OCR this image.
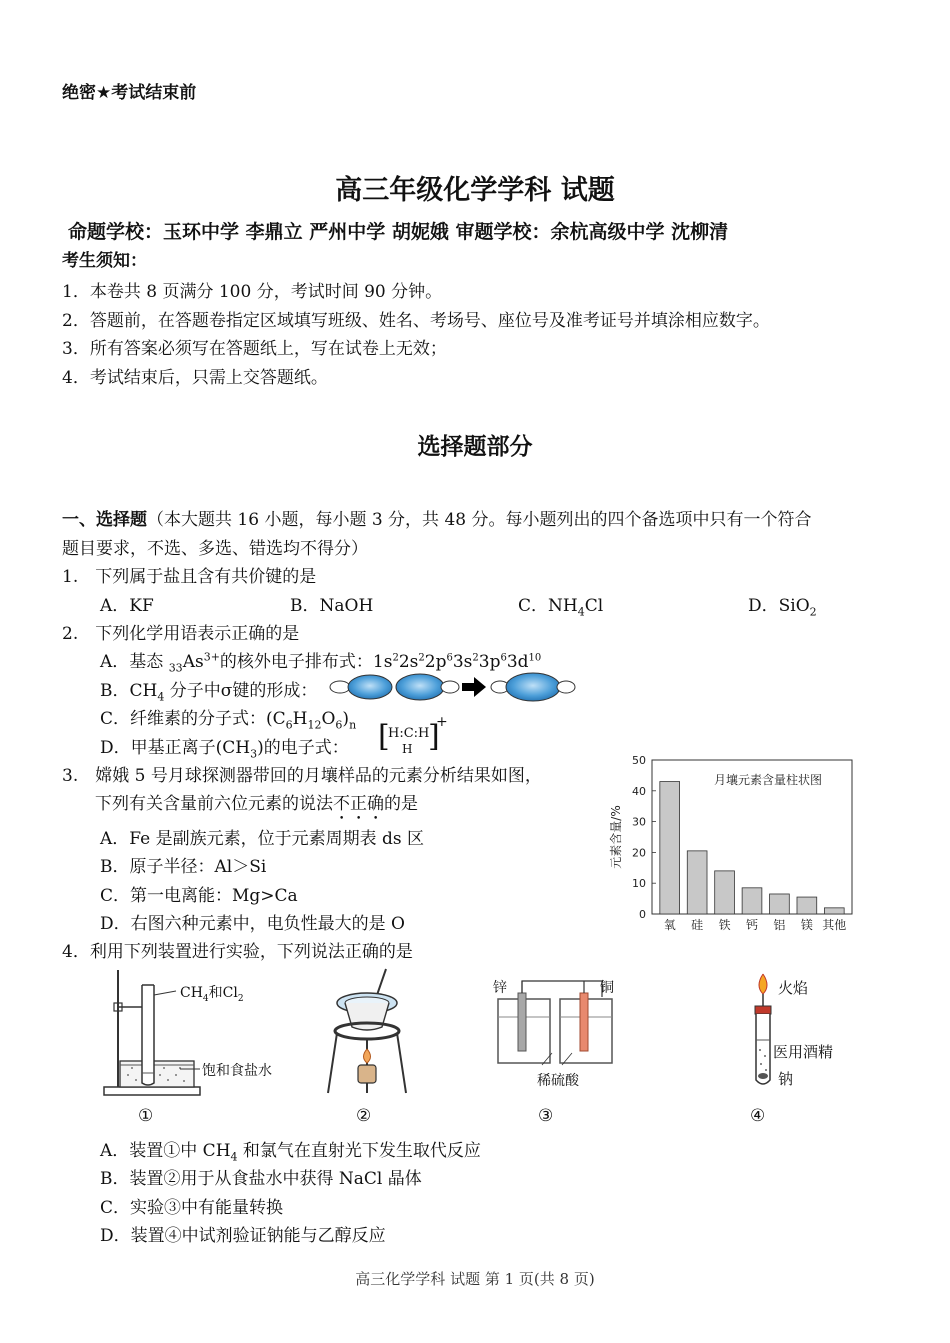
绝密★考试结束前
高三年级化学学科 试题
命题学校：玉环中学 李鼎立 严州中学 胡妮娥 审题学校：余杭高级中学 沈柳清
考生须知：
1．本卷共 8 页满分 100 分，考试时间 90 分钟。
2．答题前，在答题卷指定区域填写班级、姓名、考场号、座位号及准考证号并填涂相应数字。
3．所有答案必须写在答题纸上，写在试卷上无效；
4．考试结束后，只需上交答题纸。
选择题部分
一、选择题（本大题共 16 小题，每小题 3 分，共 48 分。每小题列出的四个备选项中只有一个符合
题目要求，不选、多选、错选均不得分）
1.　下列属于盐且含有共价键的是
A．KF	B．NaOH	C．$NH_4Cl$	D．SiO$_2$
2.　下列化学用语表示正确的是
A．基态 $_{33}As^{3+}$的核外电子排布式：$1s^22s^22p^63s^23p^63d^{10}$
B．$CH_4$ 分子中σ键的形成：
C．纤维素的分子式：$(C_6H_{12}O_6)_n$
D．甲基正离子$(CH_3)$的电子式： [
H:C:H
H ]
+
3.　嫦娥 5 号月球探测器带回的月壤样品的元素分析结果如图，
下列有关含量前六位元素的说法不正确的是
A．Fe 是副族元素，位于元素周期表 ds 区
B．原子半径：Al＞Si
C．第一电离能：Mg>Ca
D．右图六种元素中，电负性最大的是 O
月壤元素含量柱状图
元素含量/%
0
10
20
30
40
50
氧 硅 铁 钙 铝 镁 其他
4．利用下列装置进行实验，下列说法正确的是
$CH_4$和$Cl_2$
饱和食盐水
锌	铜
稀硫酸
火焰
医用酒精
钠
①	②	③	④
A．装置①中 $CH_4$ 和氯气在直射光下发生取代反应
B．装置②用于从食盐水中获得 NaCl 晶体
C．实验③中有能量转换
D．装置④中试剂验证钠能与乙醇反应
高三化学学科 试题 第 1 页(共 8 页)
